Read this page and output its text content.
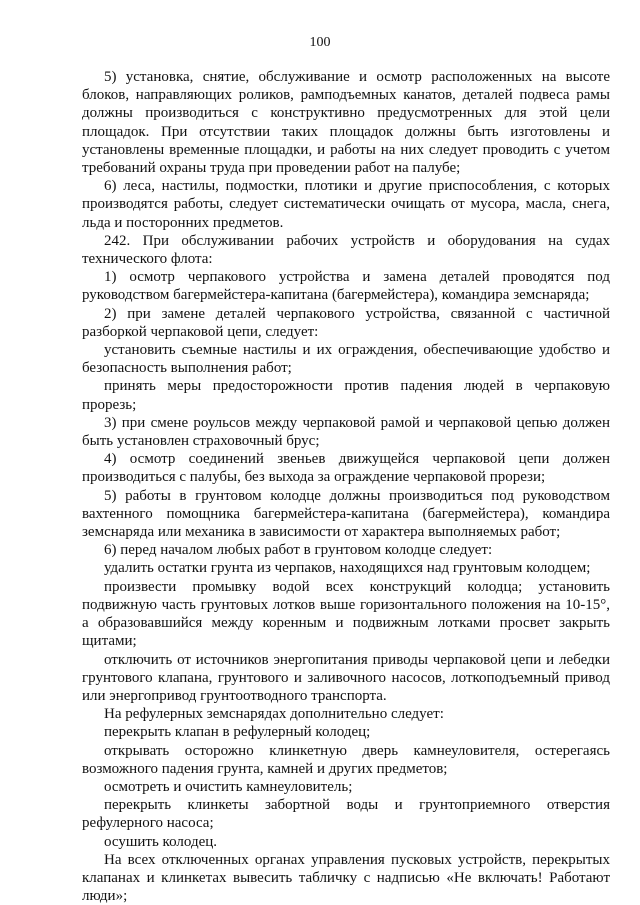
100

5) установка, снятие, обслуживание и осмотр расположенных на высоте блоков, направляющих роликов, рамподъемных канатов, деталей подвеса рамы должны производиться с конструктивно предусмотренных для этой цели площадок. При отсутствии таких площадок должны быть изготовлены и установлены временные площадки, и работы на них следует проводить с учетом требований охраны труда при проведении работ на палубе;

6) леса, настилы, подмостки, плотики и другие приспособления, с которых производятся работы, следует систематически очищать от мусора, масла, снега, льда и посторонних предметов.

242. При обслуживании рабочих устройств и оборудования на судах технического флота:

1) осмотр черпакового устройства и замена деталей проводятся под руководством багермейстера-капитана (багермейстера), командира земснаряда;

2) при замене деталей черпакового устройства, связанной с частичной разборкой черпаковой цепи, следует:

установить съемные настилы и их ограждения, обеспечивающие удобство и безопасность выполнения работ;

принять меры предосторожности против падения людей в черпаковую прорезь;

3) при смене роульсов между черпаковой рамой и черпаковой цепью должен быть установлен страховочный брус;

4) осмотр соединений звеньев движущейся черпаковой цепи должен производиться с палубы, без выхода за ограждение черпаковой прорези;

5) работы в грунтовом колодце должны производиться под руководством вахтенного помощника багермейстера-капитана (багермейстера), командира земснаряда или механика в зависимости от характера выполняемых работ;

6) перед началом любых работ в грунтовом колодце следует:

удалить остатки грунта из черпаков, находящихся над грунтовым колодцем;

произвести промывку водой всех конструкций колодца; установить подвижную часть грунтовых лотков выше горизонтального положения на 10-15°, а образовавшийся между коренным и подвижным лотками просвет закрыть щитами;

отключить от источников энергопитания приводы черпаковой цепи и лебедки грунтового клапана, грунтового и заливочного насосов, лоткоподъемный привод или энергопривод грунтоотводного транспорта.

На рефулерных земснарядах дополнительно следует:

перекрыть клапан в рефулерный колодец;

открывать осторожно клинкетную дверь камнеуловителя, остерегаясь возможного падения грунта, камней и других предметов;

осмотреть и очистить камнеуловитель;

перекрыть клинкеты забортной воды и грунтоприемного отверстия рефулерного насоса;

осушить колодец.

На всех отключенных органах управления пусковых устройств, перекрытых клапанах и клинкетах вывесить табличку с надписью «Не включать! Работают люди»;
